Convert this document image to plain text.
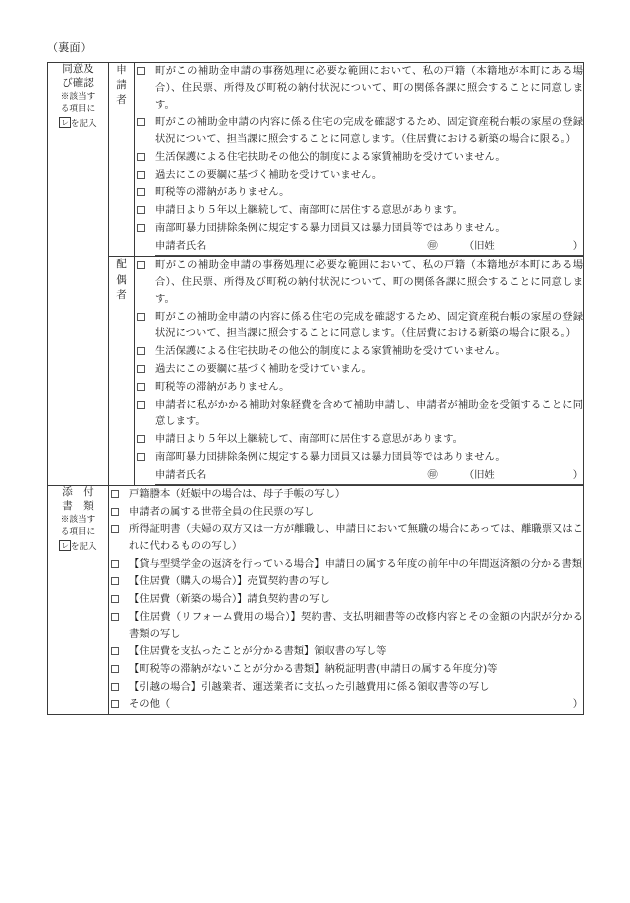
（裏面）
同意及
び確認
※該当す
る項目に
レ を記入

申
請
者

町がこの補助金申請の事務処理に必要な範囲において、私の戸籍（本籍地が本町にある場合）、住民票、所得及び町税の納付状況について、町の関係各課に照会することに同意します。
町がこの補助金申請の内容に係る住宅の完成を確認するため、固定資産税台帳の家屋の登録状況について、担当課に照会することに同意します。（住居費における新築の場合に限る。）
生活保護による住宅扶助その他公的制度による家賃補助を受けていません。
過去にこの要綱に基づく補助を受けていません。
町税等の滞納がありません。
申請日より５年以上継続して、南部町に居住する意思があります。
南部町暴力団排除条例に規定する暴力団員又は暴力団員等ではありません。
申請者氏名	㊞	（旧姓	）

配
偶
者

町がこの補助金申請の事務処理に必要な範囲において、私の戸籍（本籍地が本町にある場合）、住民票、所得及び町税の納付状況について、町の関係各課に照会することに同意します。
町がこの補助金申請の内容に係る住宅の完成を確認するため、固定資産税台帳の家屋の登録状況について、担当課に照会することに同意します。（住居費における新築の場合に限る。）
生活保護による住宅扶助その他公的制度による家賃補助を受けていません。
過去にこの要綱に基づく補助を受けていまん。
町税等の滞納がありません。
申請者に私がかかる補助対象経費を含めて補助申請し、申請者が補助金を受領することに同意します。
申請日より５年以上継続して、南部町に居住する意思があります。
南部町暴力団排除条例に規定する暴力団員又は暴力団員等ではありません。
申請者氏名	㊞	（旧姓	）

添　付
書　類
※該当す
る項目に
レ を記入

戸籍謄本（妊娠中の場合は、母子手帳の写し）
申請者の属する世帯全員の住民票の写し
所得証明書（夫婦の双方又は一方が離職し、申請日において無職の場合にあっては、離職票又はこれに代わるものの写し）
【貸与型奨学金の返済を行っている場合】申請日の属する年度の前年中の年間返済額の分かる書類
【住居費（購入の場合）】売買契約書の写し
【住居費（新築の場合）】請負契約書の写し
【住居費（リフォーム費用の場合）】契約書、支払明細書等の改修内容とその金額の内訳が分かる書類の写し
【住居費を支払ったことが分かる書類】領収書の写し等
【町税等の滞納がないことが分かる書類】納税証明書(申請日の属する年度分)等
【引越の場合】引越業者、運送業者に支払った引越費用に係る領収書等の写し
その他（	）
